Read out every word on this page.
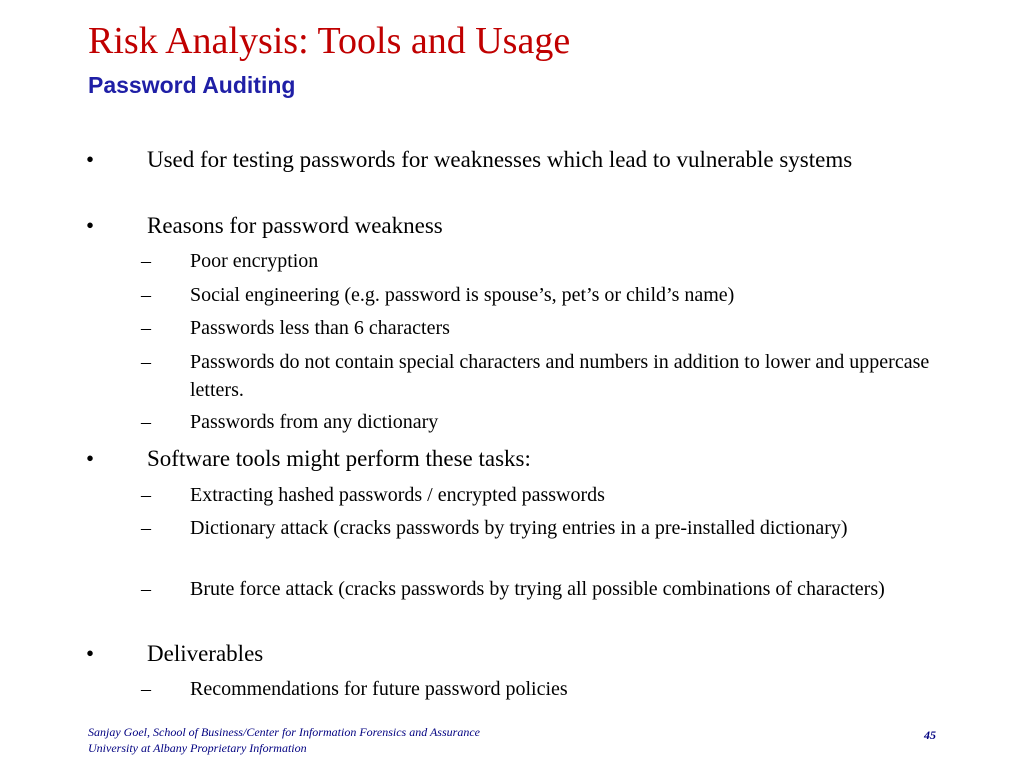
Risk Analysis: Tools and Usage
Password Auditing
• Used for testing passwords for weaknesses which lead to vulnerable systems
• Reasons for password weakness
– Poor encryption
– Social engineering (e.g. password is spouse’s, pet’s or child’s name)
– Passwords less than 6 characters
– Passwords do not contain special characters and numbers in addition to lower and uppercase letters.
– Passwords from any dictionary
• Software tools might perform these tasks:
– Extracting hashed passwords / encrypted passwords
– Dictionary attack (cracks passwords by trying entries in a pre-installed dictionary)
– Brute force attack (cracks passwords by trying all possible combinations of characters)
• Deliverables
– Recommendations for future password policies
Sanjay Goel, School of Business/Center for Information Forensics and Assurance
University at Albany Proprietary Information
45
